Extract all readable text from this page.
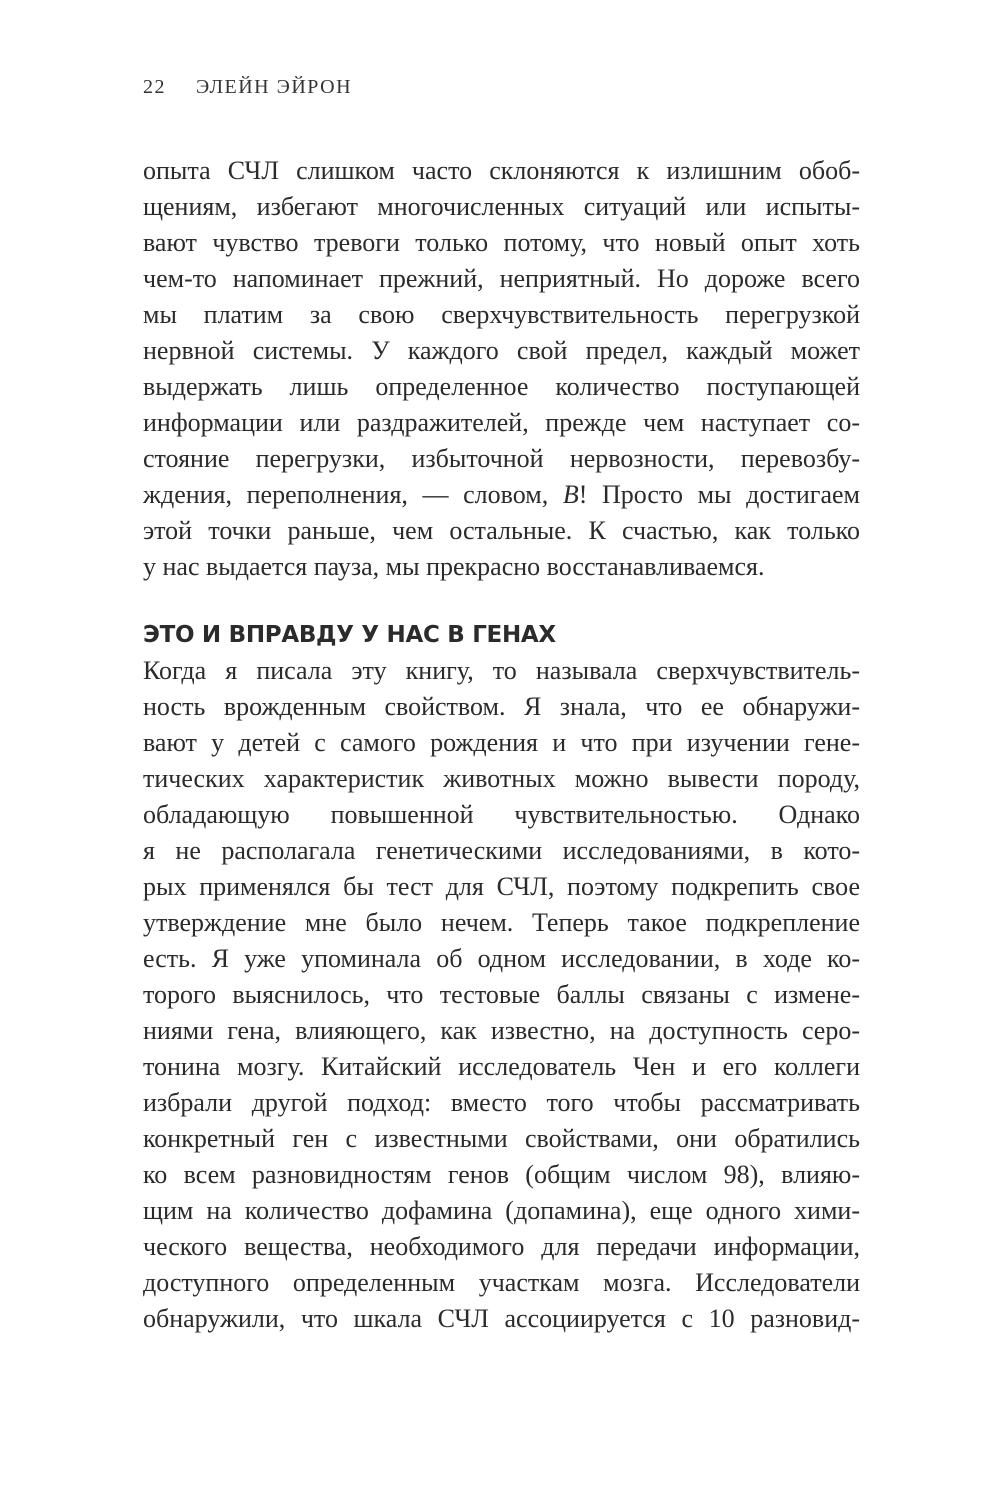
22 ЭЛЕЙН ЭЙРОН
опыта СЧЛ слишком часто склоняются к излишним обоб-
щениям, избегают многочисленных ситуаций или испыты-
вают чувство тревоги только потому, что новый опыт хоть
чем-то напоминает прежний, неприятный. Но дороже всего
мы платим за свою сверхчувствительность перегрузкой
нервной системы. У каждого свой предел, каждый может
выдержать лишь определенное количество поступающей
информации или раздражителей, прежде чем наступает со-
стояние перегрузки, избыточной нервозности, перевозбу-
ждения, переполнения, — словом, В! Просто мы достигаем
этой точки раньше, чем остальные. К счастью, как только
у нас выдается пауза, мы прекрасно восстанавливаемся.
ЭТО И ВПРАВДУ У НАС В ГЕНАХ
Когда я писала эту книгу, то называла сверхчувствитель-
ность врожденным свойством. Я знала, что ее обнаружи-
вают у детей с самого рождения и что при изучении гене-
тических характеристик животных можно вывести породу,
обладающую повышенной чувствительностью. Однако
я не располагала генетическими исследованиями, в кото-
рых применялся бы тест для СЧЛ, поэтому подкрепить свое
утверждение мне было нечем. Теперь такое подкрепление
есть. Я уже упоминала об одном исследовании, в ходе ко-
торого выяснилось, что тестовые баллы связаны с измене-
ниями гена, влияющего, как известно, на доступность серо-
тонина мозгу. Китайский исследователь Чен и его коллеги
избрали другой подход: вместо того чтобы рассматривать
конкретный ген с известными свойствами, они обратились
ко всем разновидностям генов (общим числом 98), влияю-
щим на количество дофамина (допамина), еще одного хими-
ческого вещества, необходимого для передачи информации,
доступного определенным участкам мозга. Исследователи
обнаружили, что шкала СЧЛ ассоциируется с 10 разновид-
